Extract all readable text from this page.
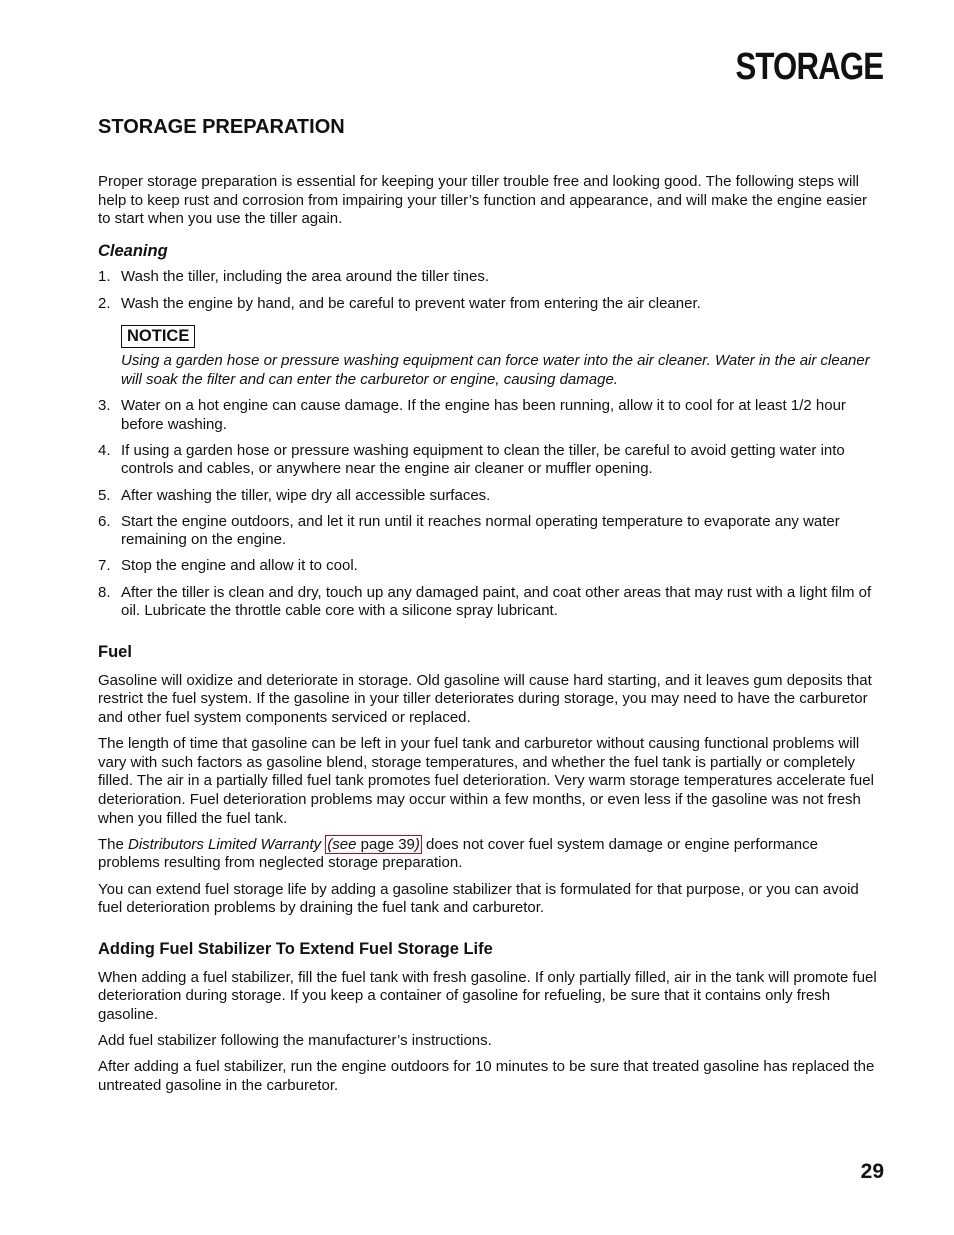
STORAGE
STORAGE PREPARATION

Proper storage preparation is essential for keeping your tiller trouble free and looking good. The following steps will help to keep rust and corrosion from impairing your tiller’s function and appearance, and will make the engine easier to start when you use the tiller again.

Cleaning
1. Wash the tiller, including the area around the tiller tines.
2. Wash the engine by hand, and be careful to prevent water from entering the air cleaner.
NOTICE

Using a garden hose or pressure washing equipment can force water into the air cleaner. Water in the air cleaner will soak the filter and can enter the carburetor or engine, causing damage.

3. Water on a hot engine can cause damage. If the engine has been running, allow it to cool for at least 1/2 hour before washing.
4. If using a garden hose or pressure washing equipment to clean the tiller, be careful to avoid getting water into controls and cables, or anywhere near the engine air cleaner or muffler opening.
5. After washing the tiller, wipe dry all accessible surfaces.
6. Start the engine outdoors, and let it run until it reaches normal operating temperature to evaporate any water remaining on the engine.
7. Stop the engine and allow it to cool.
8. After the tiller is clean and dry, touch up any damaged paint, and coat other areas that may rust with a light film of oil. Lubricate the throttle cable core with a silicone spray lubricant.
Fuel

Gasoline will oxidize and deteriorate in storage. Old gasoline will cause hard starting, and it leaves gum deposits that restrict the fuel system. If the gasoline in your tiller deteriorates during storage, you may need to have the carburetor and other fuel system components serviced or replaced.

The length of time that gasoline can be left in your fuel tank and carburetor without causing functional problems will vary with such factors as gasoline blend, storage temperatures, and whether the fuel tank is partially or completely filled. The air in a partially filled fuel tank promotes fuel deterioration. Very warm storage temperatures accelerate fuel deterioration. Fuel deterioration problems may occur within a few months, or even less if the gasoline was not fresh when you filled the fuel tank.

The Distributors Limited Warranty (see page 39) does not cover fuel system damage or engine performance problems resulting from neglected storage preparation.

You can extend fuel storage life by adding a gasoline stabilizer that is formulated for that purpose, or you can avoid fuel deterioration problems by draining the fuel tank and carburetor.

Adding Fuel Stabilizer To Extend Fuel Storage Life

When adding a fuel stabilizer, fill the fuel tank with fresh gasoline. If only partially filled, air in the tank will promote fuel deterioration during storage. If you keep a container of gasoline for refueling, be sure that it contains only fresh gasoline.

Add fuel stabilizer following the manufacturer’s instructions.

After adding a fuel stabilizer, run the engine outdoors for 10 minutes to be sure that treated gasoline has replaced the untreated gasoline in the carburetor.

29
